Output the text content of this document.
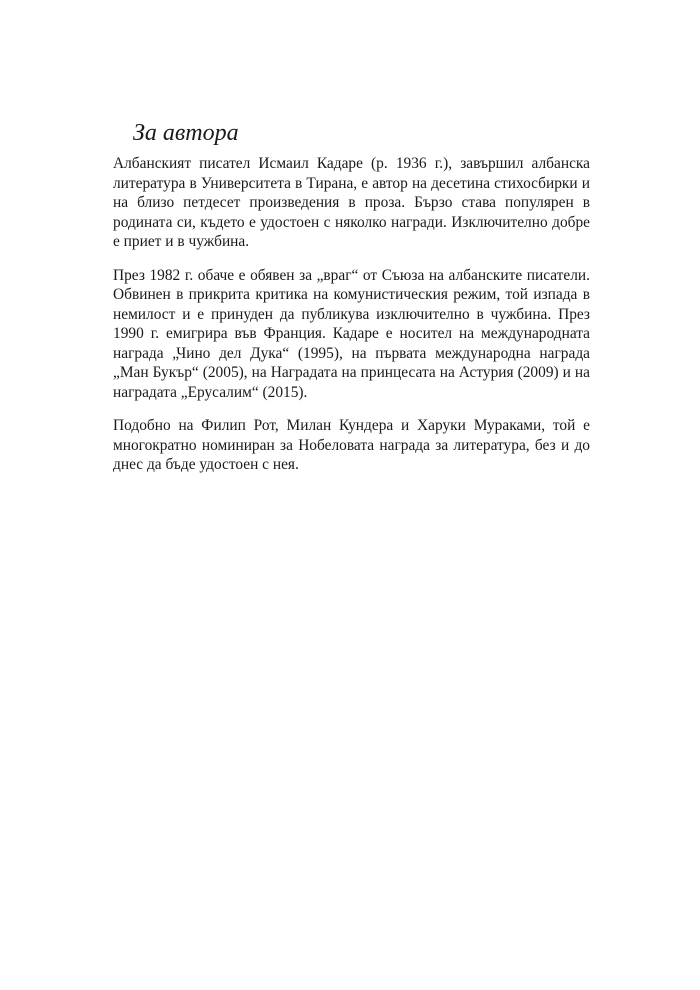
За автора

Албанският писател Исмаил Кадаре (р. 1936 г.), завършил албанска литература в Университета в Тирана, е автор на десетина стихосбирки и на близо петдесет произведения в проза. Бързо става популярен в родината си, където е удостоен с няколко награди. Изключително добре е приет и в чужбина.

През 1982 г. обаче е обявен за „враг“ от Съюза на албанските писатели. Обвинен в прикрита критика на комунистическия режим, той изпада в немилост и е принуден да публикува изключително в чужбина. През 1990 г. емигрира във Франция. Кадаре е носител на международната награда „Чино дел Дука“ (1995), на първата международна награда „Ман Букър“ (2005), на Наградата на принцесата на Астурия (2009) и на наградата „Ерусалим“ (2015).

Подобно на Филип Рот, Милан Кундера и Харуки Мураками, той е многократно номиниран за Нобеловата награда за литература, без и до днес да бъде удостоен с нея.
